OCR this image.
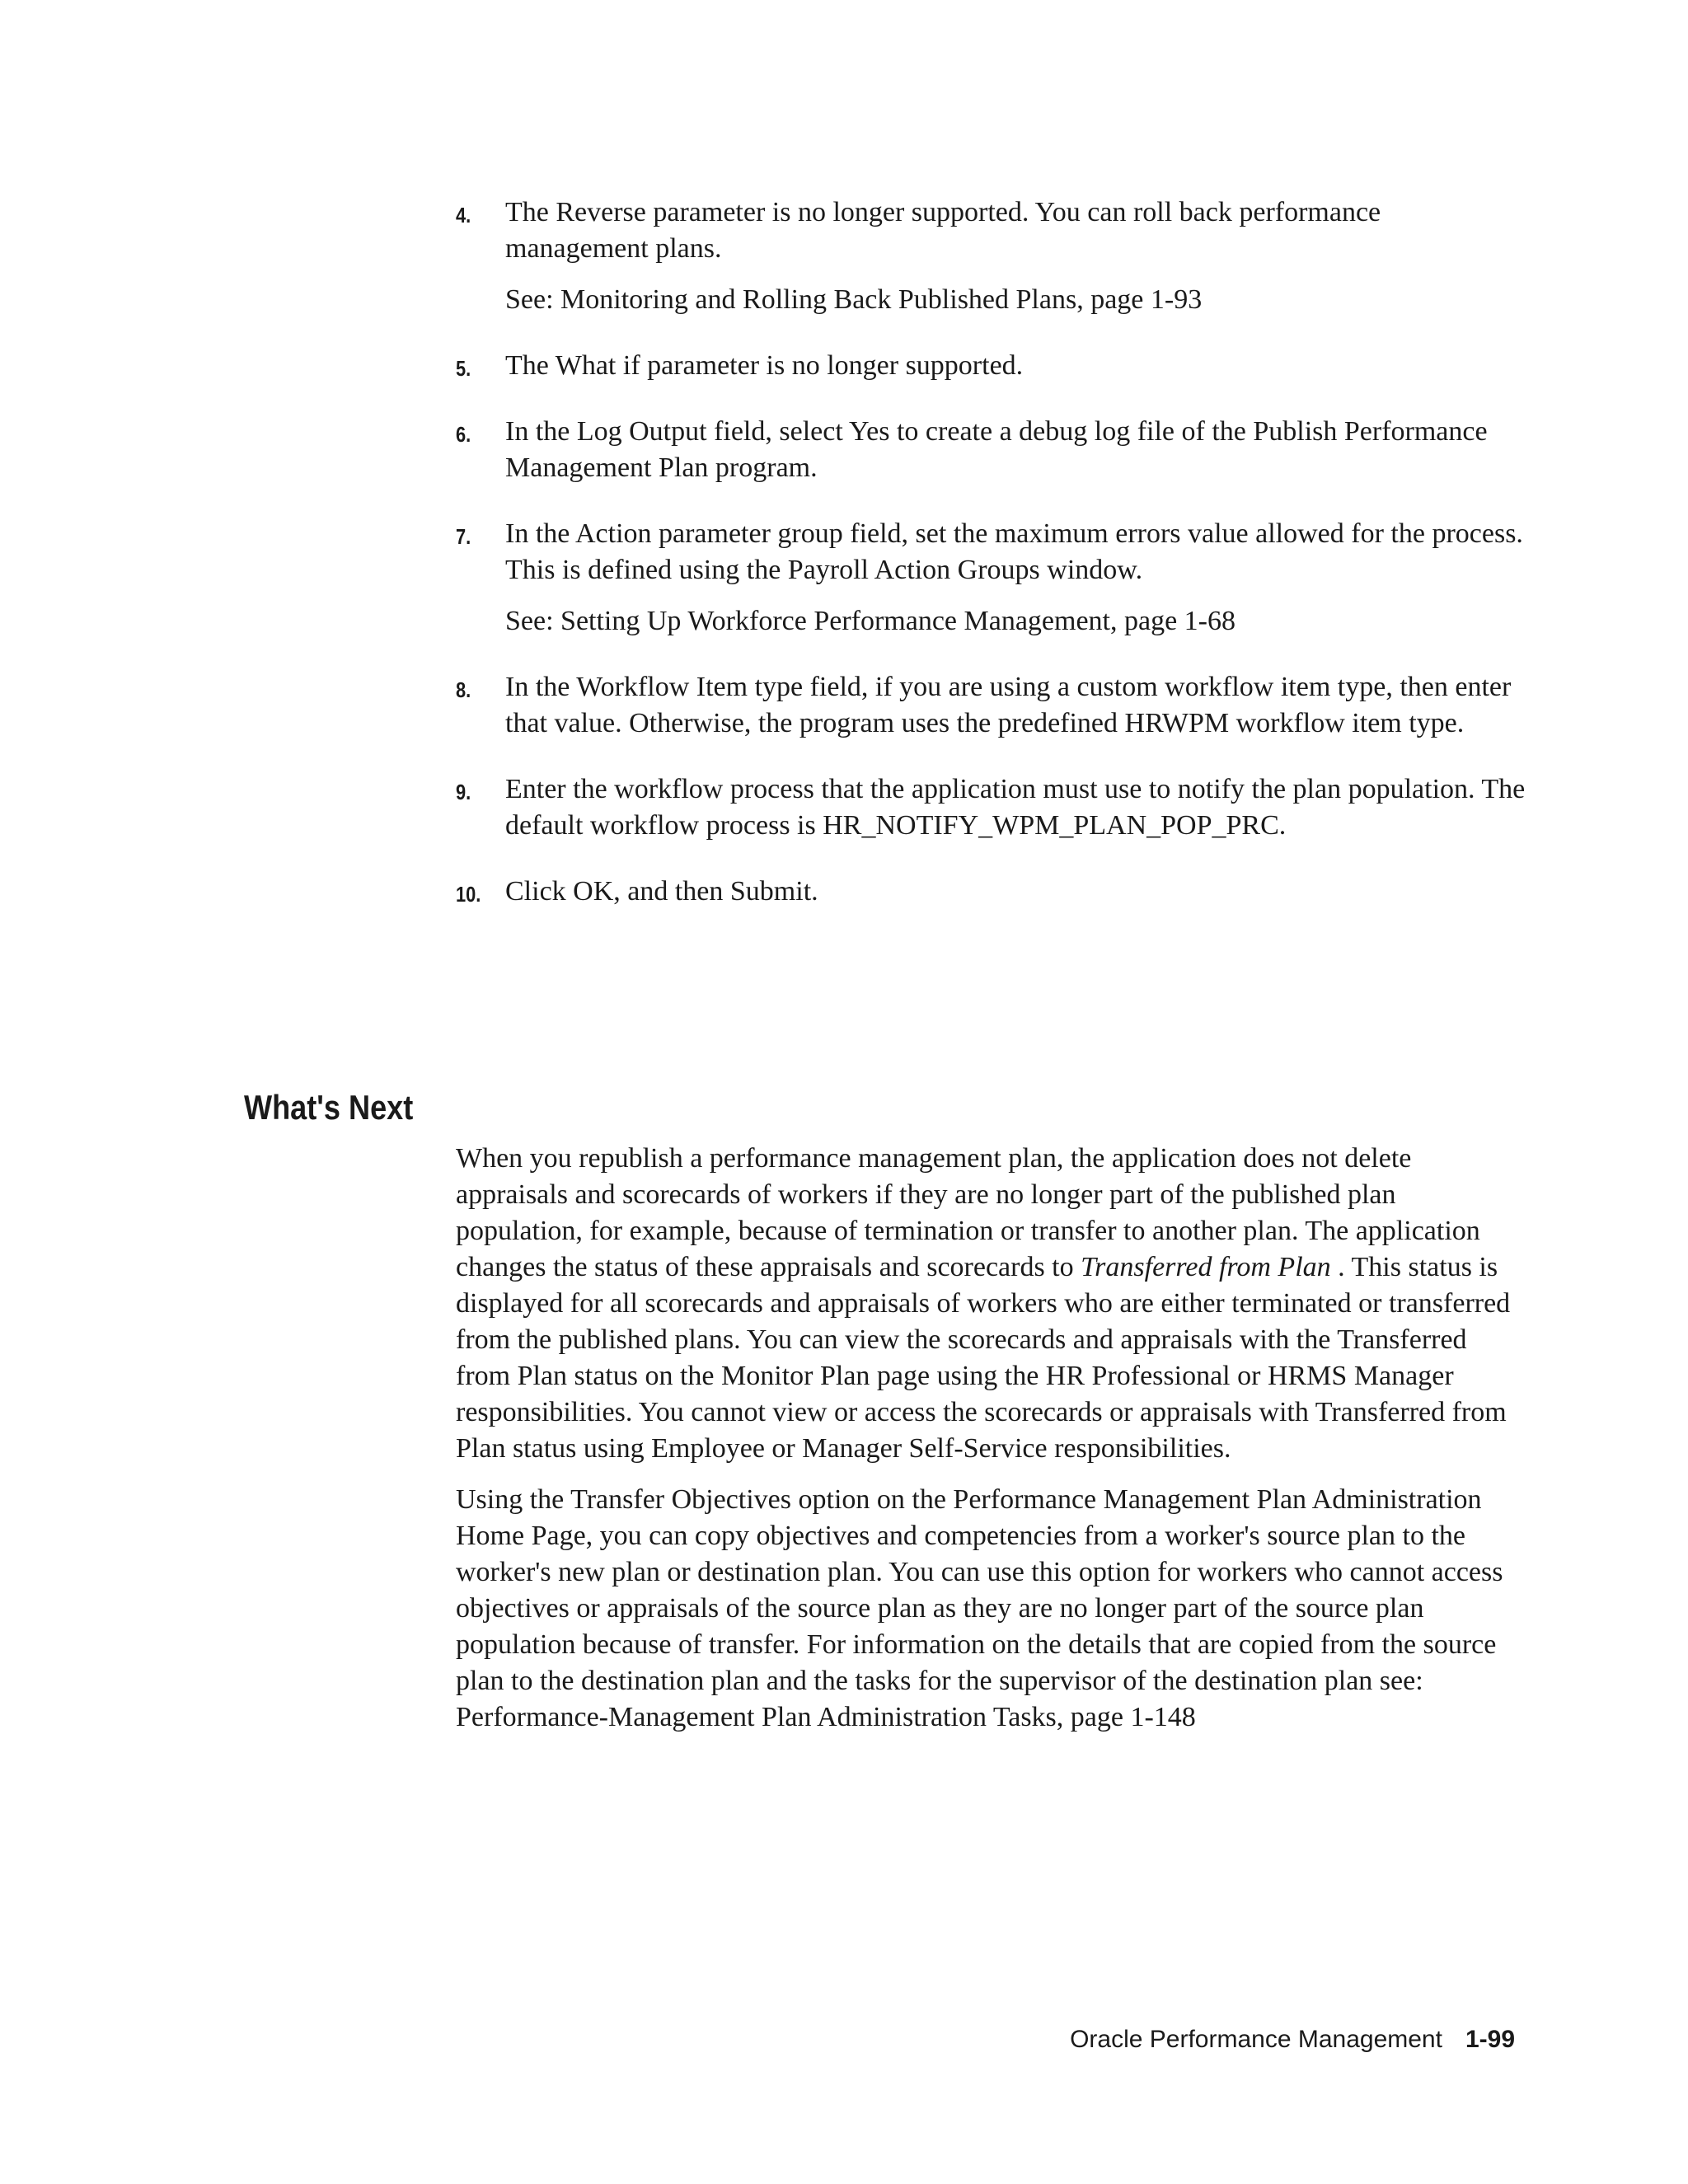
4. The Reverse parameter is no longer supported. You can roll back performance management plans.

See: Monitoring and Rolling Back Published Plans, page 1-93

5. The What if parameter is no longer supported.

6. In the Log Output field, select Yes to create a debug log file of the Publish Performance Management Plan program.

7. In the Action parameter group field, set the maximum errors value allowed for the process. This is defined using the Payroll Action Groups window.

See: Setting Up Workforce Performance Management, page 1-68

8. In the Workflow Item type field, if you are using a custom workflow item type, then enter that value. Otherwise, the program uses the predefined HRWPM workflow item type.

9. Enter the workflow process that the application must use to notify the plan population. The default workflow process is HR_NOTIFY_WPM_PLAN_POP_PRC.

10. Click OK, and then Submit.

What's Next

When you republish a performance management plan, the application does not delete appraisals and scorecards of workers if they are no longer part of the published plan population, for example, because of termination or transfer to another plan. The application changes the status of these appraisals and scorecards to Transferred from Plan . This status is displayed for all scorecards and appraisals of workers who are either terminated or transferred from the published plans. You can view the scorecards and appraisals with the Transferred from Plan status on the Monitor Plan page using the HR Professional or HRMS Manager responsibilities. You cannot view or access the scorecards or appraisals with Transferred from Plan status using Employee or Manager Self-Service responsibilities.

Using the Transfer Objectives option on the Performance Management Plan Administration Home Page, you can copy objectives and competencies from a worker's source plan to the worker's new plan or destination plan. You can use this option for workers who cannot access objectives or appraisals of the source plan as they are no longer part of the source plan population because of transfer. For information on the details that are copied from the source plan to the destination plan and the tasks for the supervisor of the destination plan see: Performance-Management Plan Administration Tasks, page 1-148

Oracle Performance Management 1-99
